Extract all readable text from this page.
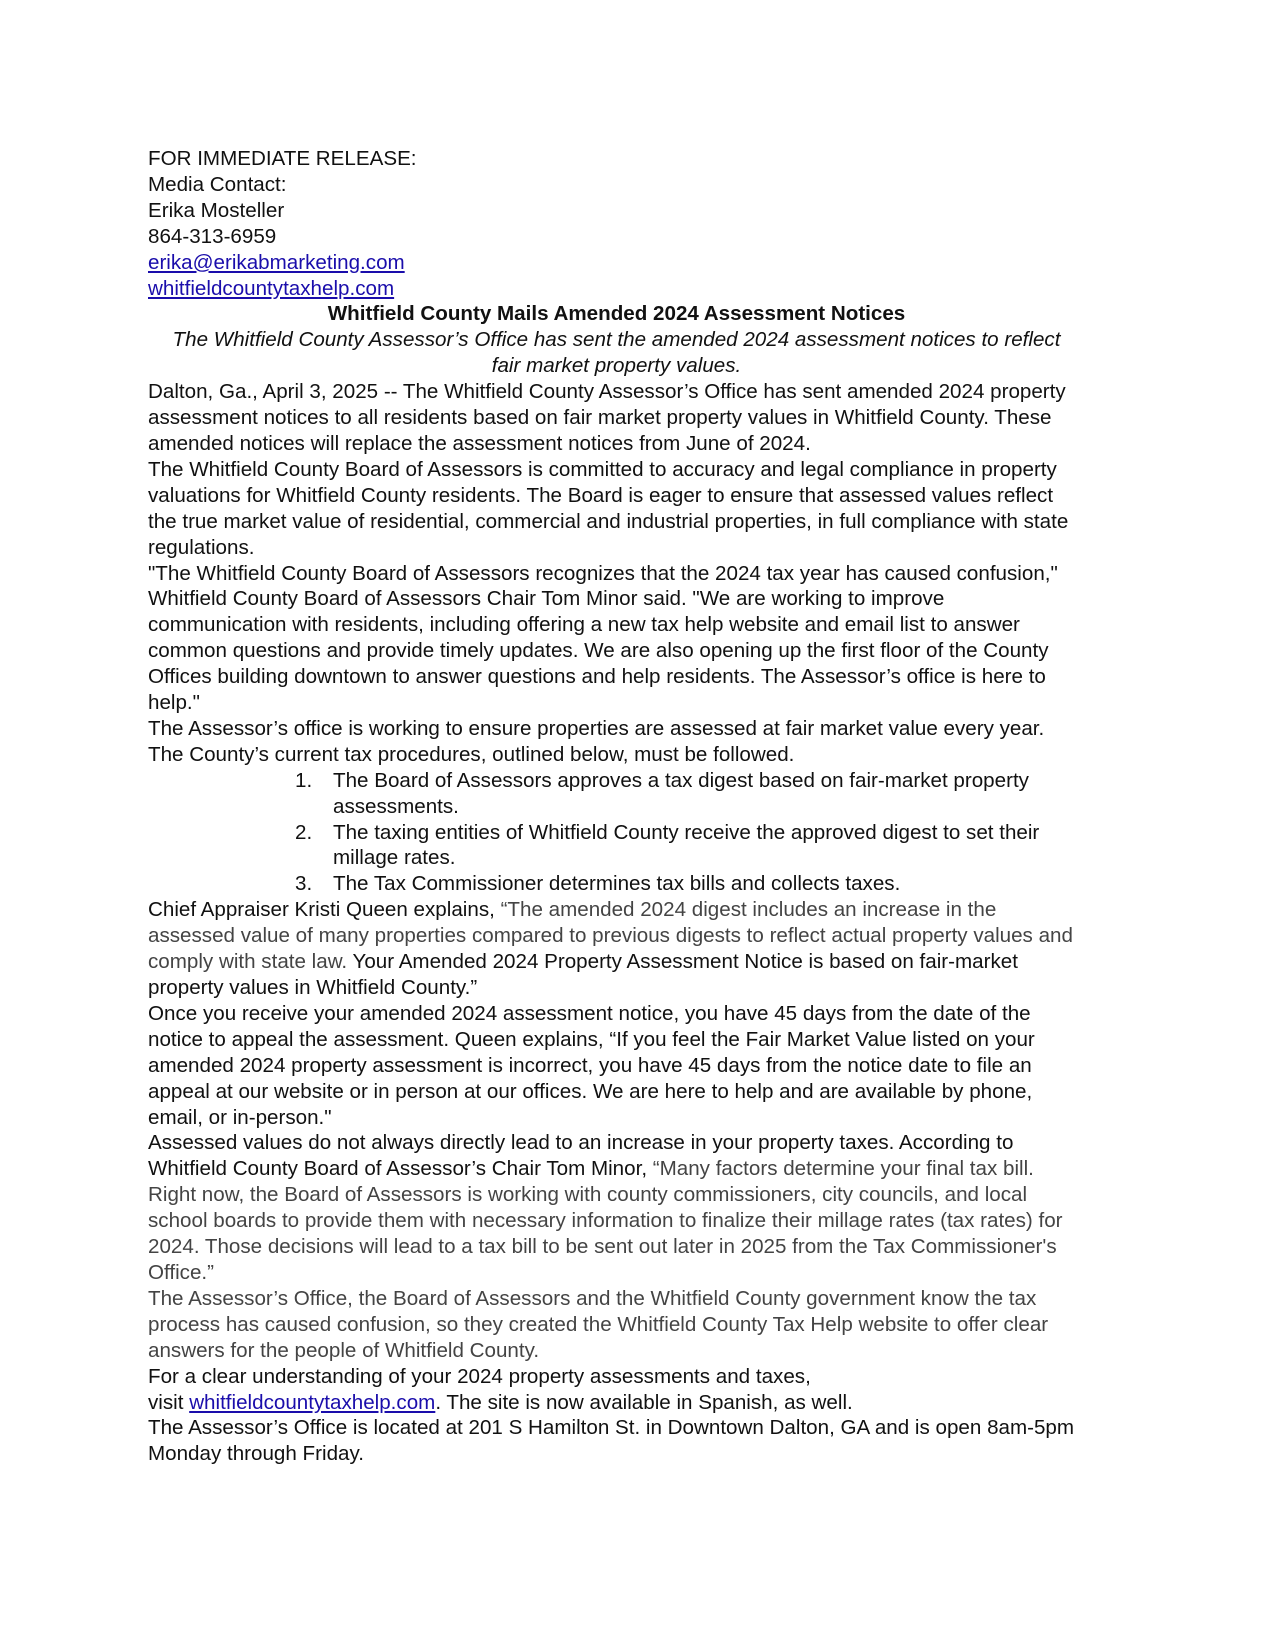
FOR IMMEDIATE RELEASE:

Media Contact:

Erika Mosteller

864-313-6959

erika@erikabmarketing.com

whitfieldcountytaxhelp.com

Whitfield County Mails Amended 2024 Assessment Notices

The Whitfield County Assessor’s Office has sent the amended 2024 assessment notices to reflect fair market property values.

Dalton, Ga., April 3, 2025 -- The Whitfield County Assessor’s Office has sent amended 2024 property assessment notices to all residents based on fair market property values in Whitfield County. These amended notices will replace the assessment notices from June of 2024.

The Whitfield County Board of Assessors is committed to accuracy and legal compliance in property valuations for Whitfield County residents. The Board is eager to ensure that assessed values reflect the true market value of residential, commercial and industrial properties, in full compliance with state regulations.

"The Whitfield County Board of Assessors recognizes that the 2024 tax year has caused confusion," Whitfield County Board of Assessors Chair Tom Minor said. "We are working to improve communication with residents, including offering a new tax help website and email list to answer common questions and provide timely updates. We are also opening up the first floor of the County Offices building downtown to answer questions and help residents. The Assessor’s office is here to help."

The Assessor’s office is working to ensure properties are assessed at fair market value every year. The County’s current tax procedures, outlined below, must be followed.

1. The Board of Assessors approves a tax digest based on fair-market property assessments.
2. The taxing entities of Whitfield County receive the approved digest to set their millage rates.
3. The Tax Commissioner determines tax bills and collects taxes.

Chief Appraiser Kristi Queen explains, “The amended 2024 digest includes an increase in the assessed value of many properties compared to previous digests to reflect actual property values and comply with state law. Your Amended 2024 Property Assessment Notice is based on fair-market property values in Whitfield County.”

Once you receive your amended 2024 assessment notice, you have 45 days from the date of the notice to appeal the assessment. Queen explains, “If you feel the Fair Market Value listed on your amended 2024 property assessment is incorrect, you have 45 days from the notice date to file an appeal at our website or in person at our offices. We are here to help and are available by phone, email, or in-person."

Assessed values do not always directly lead to an increase in your property taxes. According to Whitfield County Board of Assessor’s Chair Tom Minor, “Many factors determine your final tax bill. Right now, the Board of Assessors is working with county commissioners, city councils, and local school boards to provide them with necessary information to finalize their millage rates (tax rates) for 2024. Those decisions will lead to a tax bill to be sent out later in 2025 from the Tax Commissioner's Office.”

The Assessor’s Office, the Board of Assessors and the Whitfield County government know the tax process has caused confusion, so they created the Whitfield County Tax Help website to offer clear answers for the people of Whitfield County.

For a clear understanding of your 2024 property assessments and taxes,
visit whitfieldcountytaxhelp.com. The site is now available in Spanish, as well.

The Assessor’s Office is located at 201 S Hamilton St. in Downtown Dalton, GA and is open 8am-5pm Monday through Friday.
